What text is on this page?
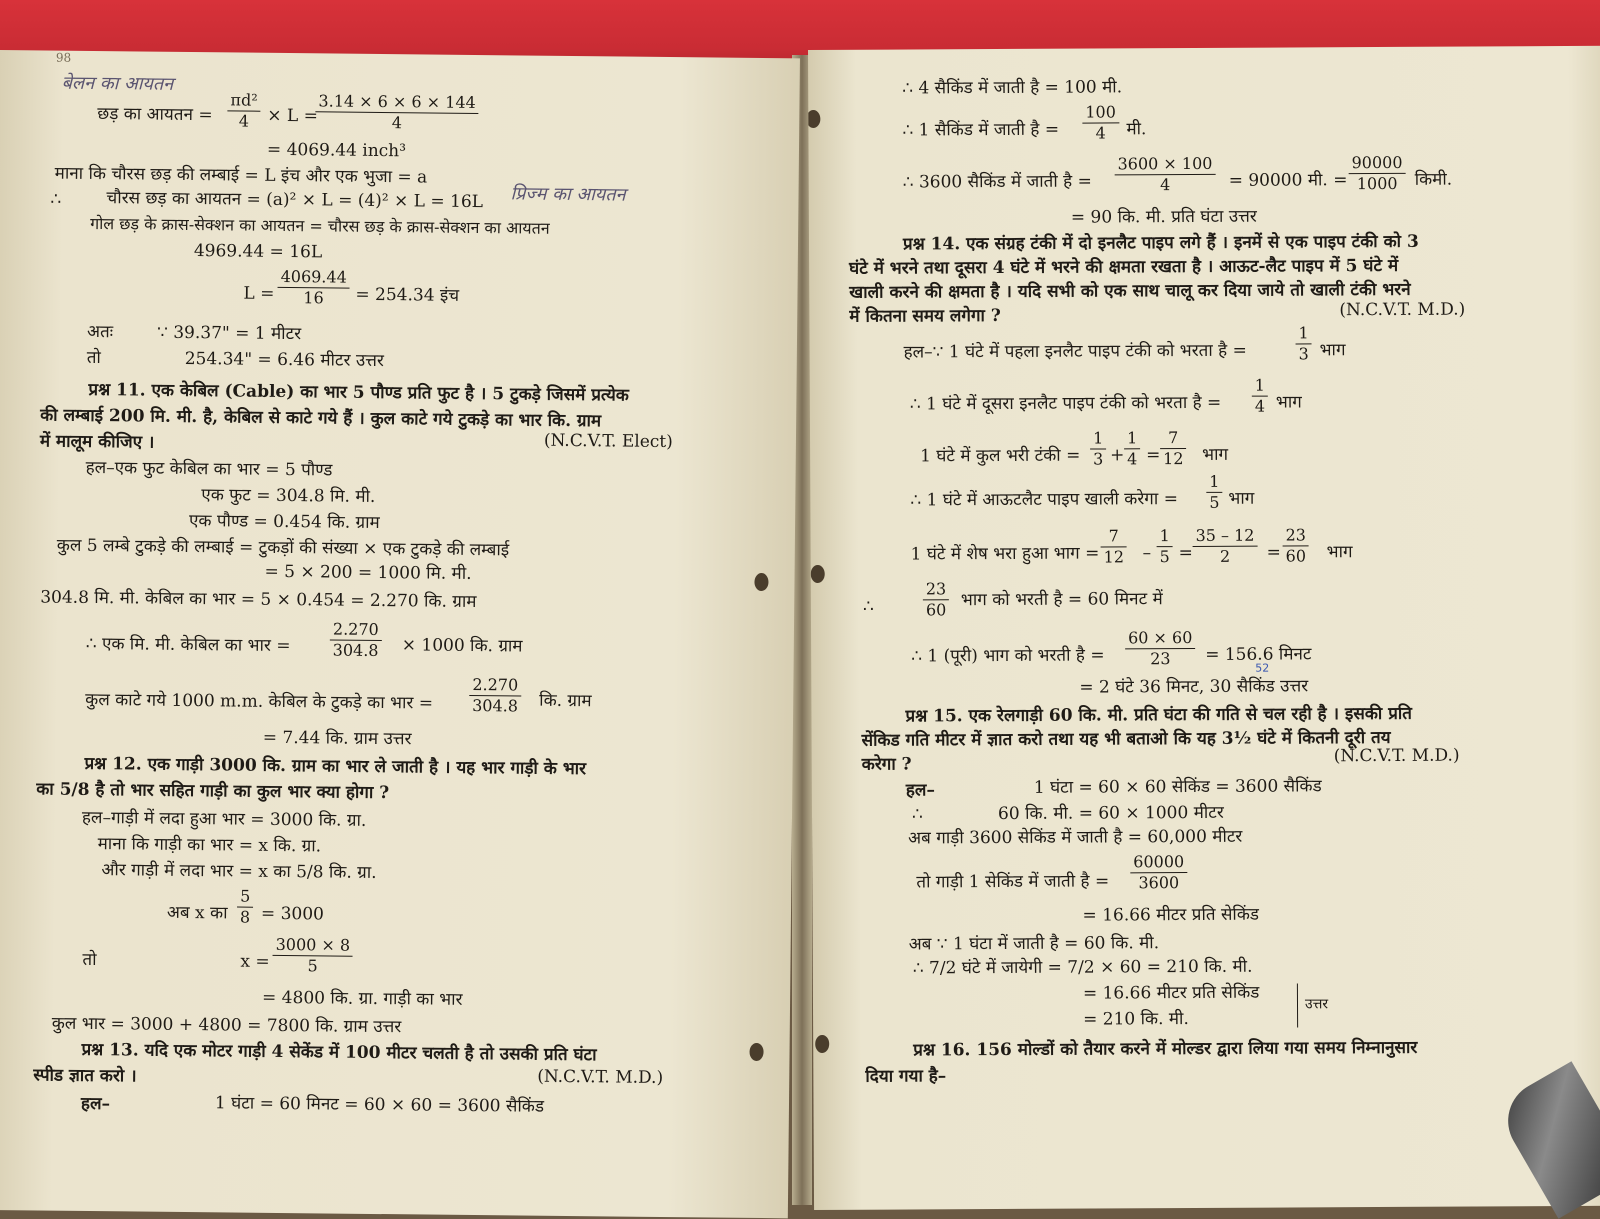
98
बेलन का आयतन
छड़ का आयतन = $\frac{\text{πd²}}{4} \times L$ =
$\frac{3.14 \times 6 \times 6 \times 144}{4}$
= 4069.44 inch³
माना कि चौरस छड़ की लम्बाई = L इंच और एक भुजा = a
∴	चौरस छड़ का आयतन = (a)² × L = (4)² × L = 16L प्रिज्म का आयतन
गोल छड़ के क्रास-सेक्शन का आयतन = चौरस छड़ के क्रास-सेक्शन का आयतन
4969.44 = 16L
$L = \frac{4069.44}{16} = 254.34$ इंच
अतः	∵ 39.37" = 1 मीटर
तो	254.34" = 6.46 मीटर उत्तर
प्रश्न 11. एक केबिल (Cable) का भार 5 पौण्ड प्रति फुट है । 5 टुकड़े जिसमें प्रत्येक
की लम्बाई 200 मि. मी. है, केबिल से काटे गये हैं । कुल काटे गये टुकड़े का भार कि. ग्राम
में मालूम कीजिए ।	(N.C.V.T. Elect)
हल–एक फुट केबिल का भार = 5 पौण्ड
एक फुट = 304.8 मि. मी.
एक पौण्ड = 0.454 कि. ग्राम
कुल 5 लम्बे टुकड़े की लम्बाई = टुकड़ों की संख्या × एक टुकड़े की लम्बाई
= 5 × 200 = 1000 मि. मी.
304.8 मि. मी. केबिल का भार = 5 × 0.454 = 2.270 कि. ग्राम
∴ एक मि. मी. केबिल का भार = $\frac{2.270}{304.8} \times 1000$ कि. ग्राम
कुल काटे गये 1000 m.m. केबिल के टुकड़े का भार = $\frac{2.270}{304.8}$ कि. ग्राम
= 7.44 कि. ग्राम उत्तर
प्रश्न 12. एक गाड़ी 3000 कि. ग्राम का भार ले जाती है । यह भार गाड़ी के भार
का 5/8 है तो भार सहित गाड़ी का कुल भार क्या होगा ?
हल–गाड़ी में लदा हुआ भार = 3000 कि. ग्रा.
माना कि गाड़ी का भार = x कि. ग्रा.
और गाड़ी में लदा भार = x का 5/8 कि. ग्रा.
अब x का $\frac{5}{8} = 3000$
तो	$x = \frac{3000 \times 8}{5}$
= 4800 कि. ग्रा. गाड़ी का भार
कुल भार = 3000 + 4800 = 7800 कि. ग्राम उत्तर
प्रश्न 13. यदि एक मोटर गाड़ी 4 सेकेंड में 100 मीटर चलती है तो उसकी प्रति घंटा
स्पीड ज्ञात करो ।	(N.C.V.T. M.D.)
हल–	1 घंटा = 60 मिनट = 60 × 60 = 3600 सैकिंड
∴ 4 सैकिंड में जाती है = 100 मी.
∴ 1 सैकिंड में जाती है = $\frac{100}{4}$ मी.
∴ 3600 सैकिंड में जाती है = $\frac{3600 \times 100}{4} = 90000$ मी. = $\frac{90000}{1000}$ किमी.
= 90 कि. मी. प्रति घंटा उत्तर
प्रश्न 14. एक संग्रह टंकी में दो इनलैट पाइप लगे हैं । इनमें से एक पाइप टंकी को 3
घंटे में भरने तथा दूसरा 4 घंटे में भरने की क्षमता रखता है । आऊट-लैट पाइप में 5 घंटे में
खाली करने की क्षमता है । यदि सभी को एक साथ चालू कर दिया जाये तो खाली टंकी भरने
में कितना समय लगेगा ?	(N.C.V.T. M.D.)
हल–∵ 1 घंटे में पहला इनलैट पाइप टंकी को भरता है =	$\frac{1}{3}$ भाग
∴ 1 घंटे में दूसरा इनलैट पाइप टंकी को भरता है = $\frac{1}{4}$ भाग
1 घंटे में कुल भरी टंकी = $\frac{1}{3} + \frac{1}{4} = \frac{7}{12}$ भाग
∴ 1 घंटे में आऊटलैट पाइप खाली करेगा = $\frac{1}{5}$ भाग
1 घंटे में शेष भरा हुआ भाग = $\frac{7}{12} - \frac{1}{5} = \frac{35 - 12}{2} = \frac{23}{60}$ भाग
∴	$\frac{23}{60}$ भाग को भरती है = 60 मिनट में
∴ 1 (पूरी) भाग को भरती है = $\frac{60 \times 60}{23} = 156.6$ मिनट
52
= 2 घंटे 36 मिनट, 30 सैकिंड उत्तर
प्रश्न 15. एक रेलगाड़ी 60 कि. मी. प्रति घंटा की गति से चल रही है । इसकी प्रति
सेंकिड गति मीटर में ज्ञात करो तथा यह भी बताओ कि यह 3½ घंटे में कितनी दूरी तय
करेगा ?	(N.C.V.T. M.D.)
हल–	1 घंटा = 60 × 60 सेकिंड = 3600 सैकिंड
∴	60 कि. मी. = 60 × 1000 मीटर
अब गाड़ी 3600 सेकिंड में जाती है = 60,000 मीटर
तो गाड़ी 1 सेकिंड में जाती है = $\frac{60000}{3600}$
= 16.66 मीटर प्रति सेकिंड
अब ∵ 1 घंटा में जाती है = 60 कि. मी.
∴ 7/2 घंटे में जायेगी = 7/2 × 60 = 210 कि. मी.
= 16.66 मीटर प्रति सेकिंड
= 210 कि. मी.
उत्तर
प्रश्न 16. 156 मोल्डों को तैयार करने में मोल्डर द्वारा लिया गया समय निम्नानुसार
दिया गया है–
